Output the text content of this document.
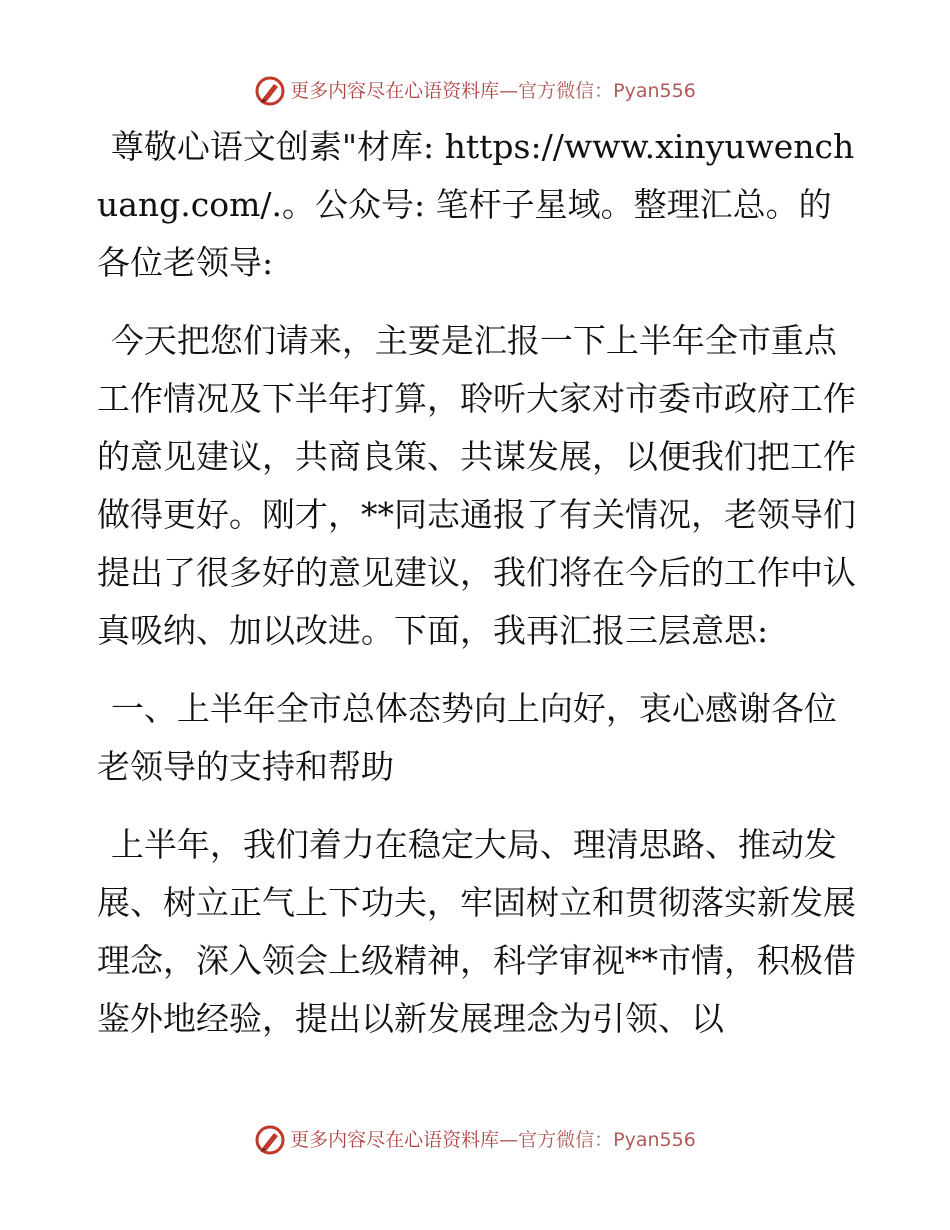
更多内容尽在心语资料库 —官方微信：Pyan556

尊敬心语文创素"材库: https://www.xinyuwenchuang.com/.。公众号: 笔杆子星域。整理汇总。的各位老领导:

今天把您们请来，主要是汇报一下上半年全市重点工作情况及下半年打算，聆听大家对市委市政府工作的意见建议，共商良策、共谋发展，以便我们把工作做得更好。刚才，**同志通报了有关情况，老领导们提出了很多好的意见建议，我们将在今后的工作中认真吸纳、加以改进。下面，我再汇报三层意思:

一、上半年全市总体态势向上向好，衷心感谢各位老领导的支持和帮助

上半年，我们着力在稳定大局、理清思路、推动发展、树立正气上下功夫，牢固树立和贯彻落实新发展理念，深入领会上级精神，科学审视**市情，积极借鉴外地经验，提出以新发展理念为引领、以

更多内容尽在心语资料库 —官方微信：Pyan556
